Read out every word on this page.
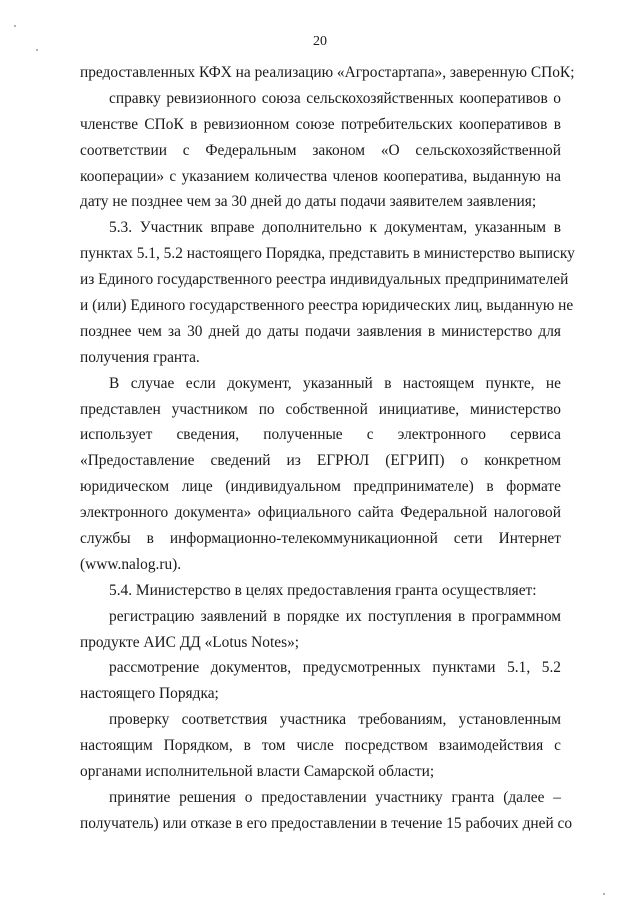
20
предоставленных КФХ на реализацию «Агростартапа», заверенную СПоК;
справку ревизионного союза сельскохозяйственных кооперативов о
членстве СПоК в ревизионном союзе потребительских кооперативов в
соответствии с Федеральным законом «О сельскохозяйственной
кооперации» с указанием количества членов кооператива, выданную на
дату не позднее чем за 30 дней до даты подачи заявителем заявления;
5.3. Участник вправе дополнительно к документам, указанным в
пунктах 5.1, 5.2 настоящего Порядка, представить в министерство выписку
из Единого государственного реестра индивидуальных предпринимателей
и (или) Единого государственного реестра юридических лиц, выданную не
позднее чем за 30 дней до даты подачи заявления в министерство для
получения гранта.
В случае если документ, указанный в настоящем пункте, не
представлен участником по собственной инициативе, министерство
использует сведения, полученные с электронного сервиса
«Предоставление сведений из ЕГРЮЛ (ЕГРИП) о конкретном
юридическом лице (индивидуальном предпринимателе) в формате
электронного документа» официального сайта Федеральной налоговой
службы в информационно-телекоммуникационной сети Интернет
(www.nalog.ru).
5.4. Министерство в целях предоставления гранта осуществляет:
регистрацию заявлений в порядке их поступления в программном
продукте АИС ДД «Lotus Notes»;
рассмотрение документов, предусмотренных пунктами 5.1, 5.2
настоящего Порядка;
проверку соответствия участника требованиям, установленным
настоящим Порядком, в том числе посредством взаимодействия с
органами исполнительной власти Самарской области;
принятие решения о предоставлении участнику гранта (далее –
получатель) или отказе в его предоставлении в течение 15 рабочих дней со
